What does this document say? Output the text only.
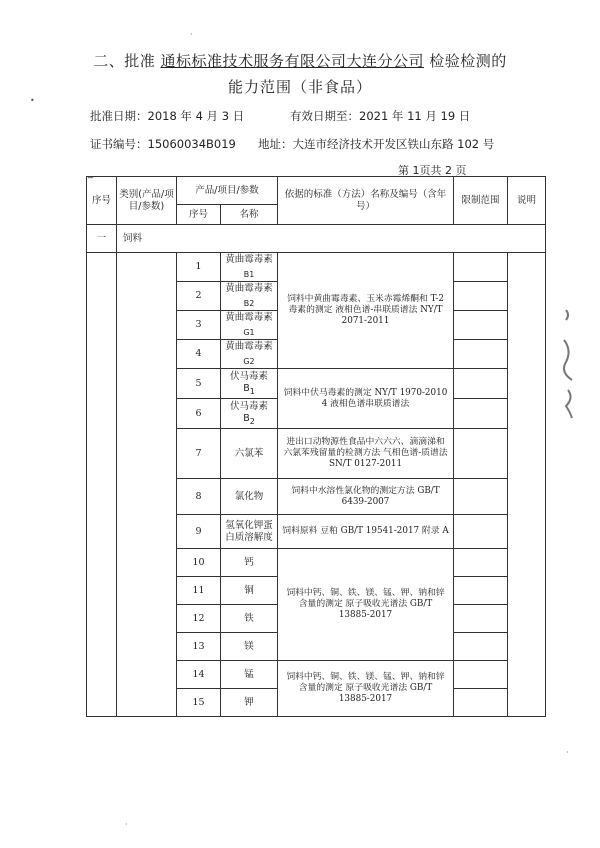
二、批准 通标标准技术服务有限公司大连分公司 检验检测的
能力范围（非食品）
批准日期：2018 年 4 月 3 日	有效日期至：2021 年 11 月 19 日
证书编号：15060034B019 地址：大连市经济技术开发区铁山东路 102 号
_	第 1页共 2 页
序号	类别(产品/项目/参数)	产品/项目/参数		依据的标准（方法）名称及编号（含年号）	限制范围	说明
		序号	名称			
一	饲料					
		1	黄曲霉毒素$_{B1}$	饲料中黄曲霉毒素、玉米赤霉烯酮和 T-2 毒素的测定 液相色谱-串联质谱法 NY/T 2071-2011		
		2	黄曲霉毒素$_{B2}$	
		3	黄曲霉毒素$_{G1}$	
		4	黄曲霉毒素$_{G2}$	
		5	伏马毒素 $B_1$	饲料中伏马毒素的测定 NY/T 1970-2010 4 液相色谱串联质谱法		
		6	伏马毒素 $B_2$	
		7	六氯苯	进出口动物源性食品中六六六、滴滴涕和六氯苯残留量的检测方法 气相色谱-质谱法 SN/T 0127-2011		
		8	氯化物	饲料中水溶性氯化物的测定方法 GB/T 6439-2007		
		9	氢氧化钾蛋白质溶解度	饲料原料 豆粕 GB/T 19541-2017 附录 A		
		10	钙	饲料中钙、铜、铁、镁、锰、钾、钠和锌含量的测定 原子吸收光谱法 GB/T 13885-2017		
		11	铜			
		12	铁			
		13	镁			
		14	锰	饲料中钙、铜、铁、镁、锰、钾、钠和锌含量的测定 原子吸收光谱法 GB/T 13885-2017		
		15	钾			
•
·
·
·
